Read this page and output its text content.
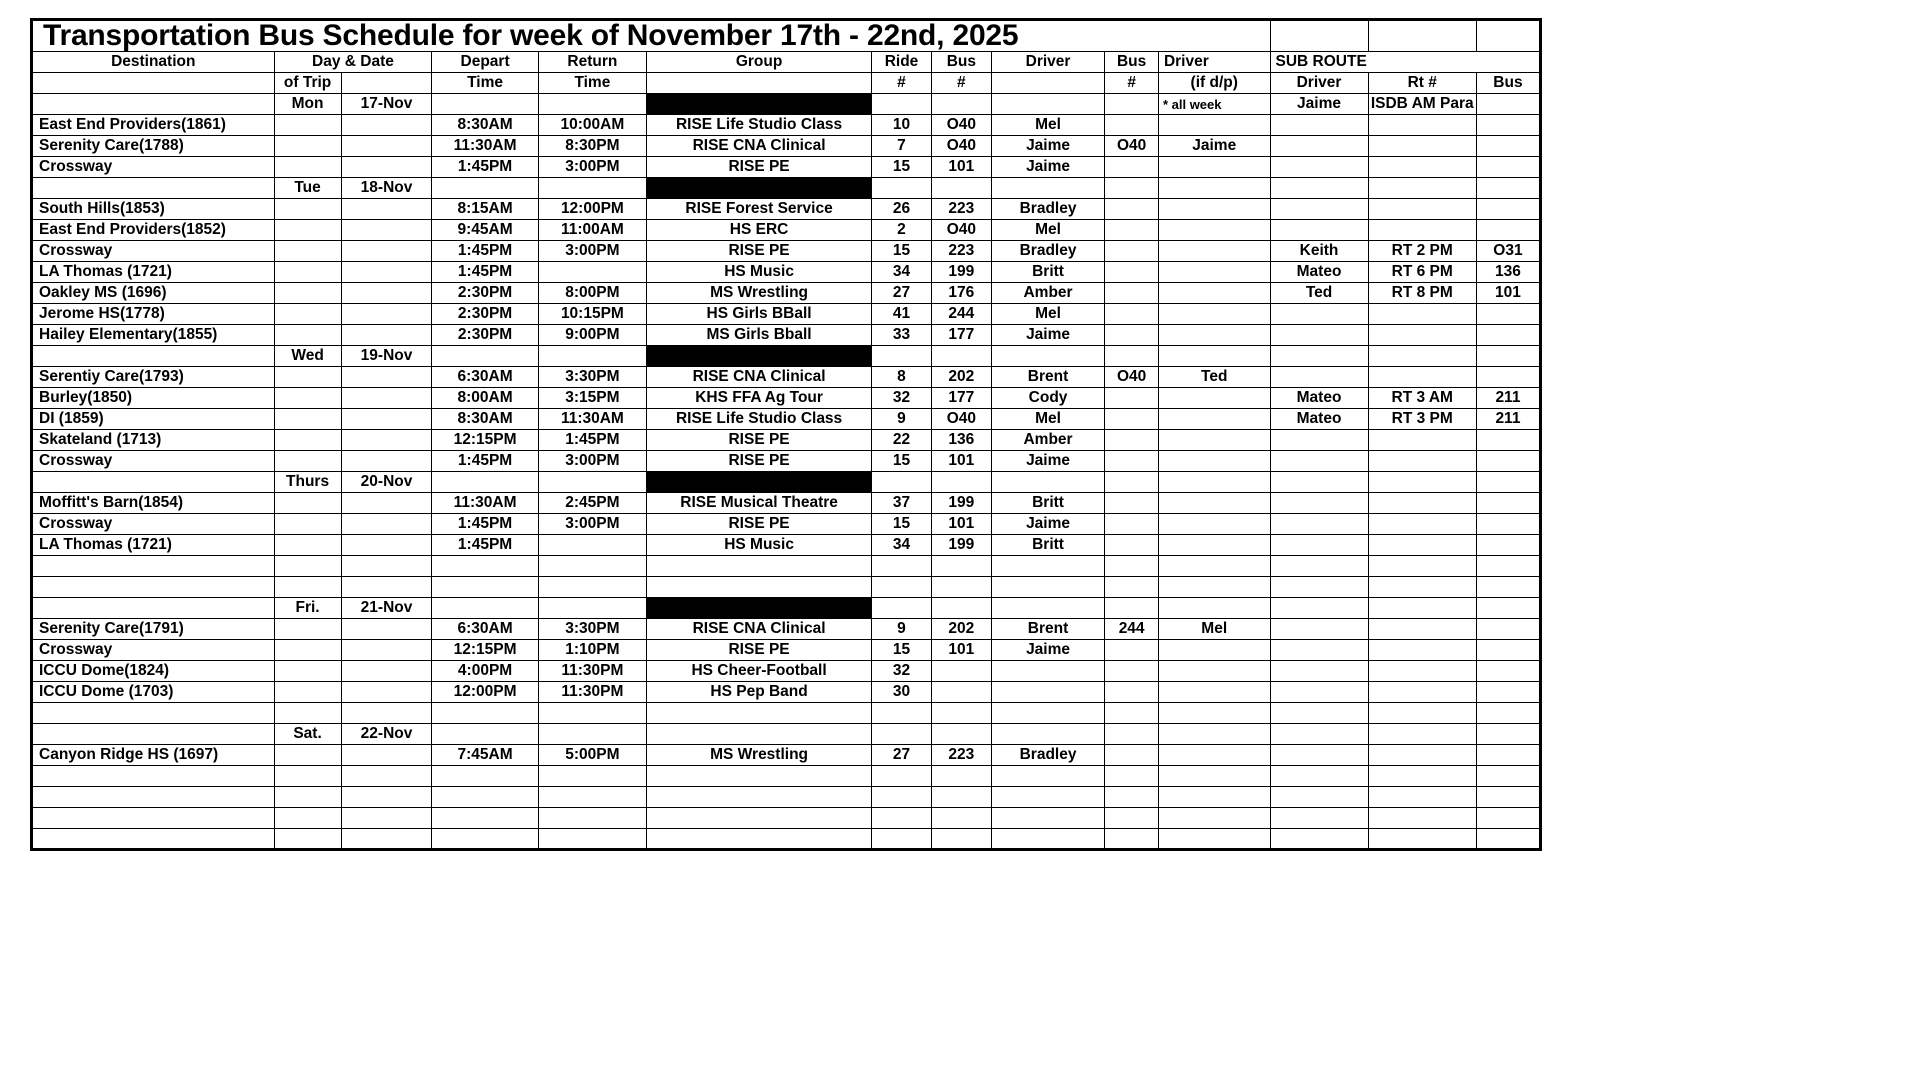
Transportation Bus Schedule for week of November 17th - 22nd, 2025													
Destination	Day & Date		Depart	Return	Group	Ride	Bus	Driver	Bus	Driver	SUB ROUTE		
	of Trip		Time	Time		#	#		#	(if d/p)	Driver	Rt #	Bus
	Mon	17-Nov			Gary Off					* all week	Jaime	ISDB AM Para	
East End Providers(1861)			8:30AM	10:00AM	RISE Life Studio Class	10	O40	Mel					
Serenity Care(1788)			11:30AM	8:30PM	RISE CNA Clinical	7	O40	Jaime	O40	Jaime			
Crossway			1:45PM	3:00PM	RISE PE	15	101	Jaime					
	Tue	18-Nov			Gary Off								
South Hills(1853)			8:15AM	12:00PM	RISE Forest Service	26	223	Bradley					
East End Providers(1852)			9:45AM	11:00AM	HS ERC	2	O40	Mel					
Crossway			1:45PM	3:00PM	RISE PE	15	223	Bradley			Keith	RT 2 PM	O31
LA Thomas (1721)			1:45PM		HS Music	34	199	Britt			Mateo	RT 6 PM	136
Oakley MS (1696)			2:30PM	8:00PM	MS Wrestling	27	176	Amber			Ted	RT 8 PM	101
Jerome HS(1778)			2:30PM	10:15PM	HS Girls BBall	41	244	Mel					
Hailey Elementary(1855)			2:30PM	9:00PM	MS Girls Bball	33	177	Jaime					
	Wed	19-Nov			Darla/Gary Off								
Serentiy Care(1793)			6:30AM	3:30PM	RISE CNA Clinical	8	202	Brent	O40	Ted			
Burley(1850)			8:00AM	3:15PM	KHS FFA Ag Tour	32	177	Cody			Mateo	RT 3 AM	211
DI (1859)			8:30AM	11:30AM	RISE Life Studio Class	9	O40	Mel			Mateo	RT 3 PM	211
Skateland (1713)			12:15PM	1:45PM	RISE PE	22	136	Amber					
Crossway			1:45PM	3:00PM	RISE PE	15	101	Jaime					
	Thurs	20-Nov			Gary Off								
Moffitt's Barn(1854)			11:30AM	2:45PM	RISE Musical Theatre	37	199	Britt					
Crossway			1:45PM	3:00PM	RISE PE	15	101	Jaime					
LA Thomas (1721)			1:45PM		HS Music	34	199	Britt					

	Fri.	21-Nov			Gary Off								
Serenity Care(1791)			6:30AM	3:30PM	RISE CNA Clinical	9	202	Brent	244	Mel			
Crossway			12:15PM	1:10PM	RISE PE	15	101	Jaime					
ICCU Dome(1824)			4:00PM	11:30PM	HS Cheer-Football	32							
ICCU Dome (1703)			12:00PM	11:30PM	HS Pep Band	30							

	Sat.	22-Nov											
Canyon Ridge HS (1697)			7:45AM	5:00PM	MS Wrestling	27	223	Bradley					
